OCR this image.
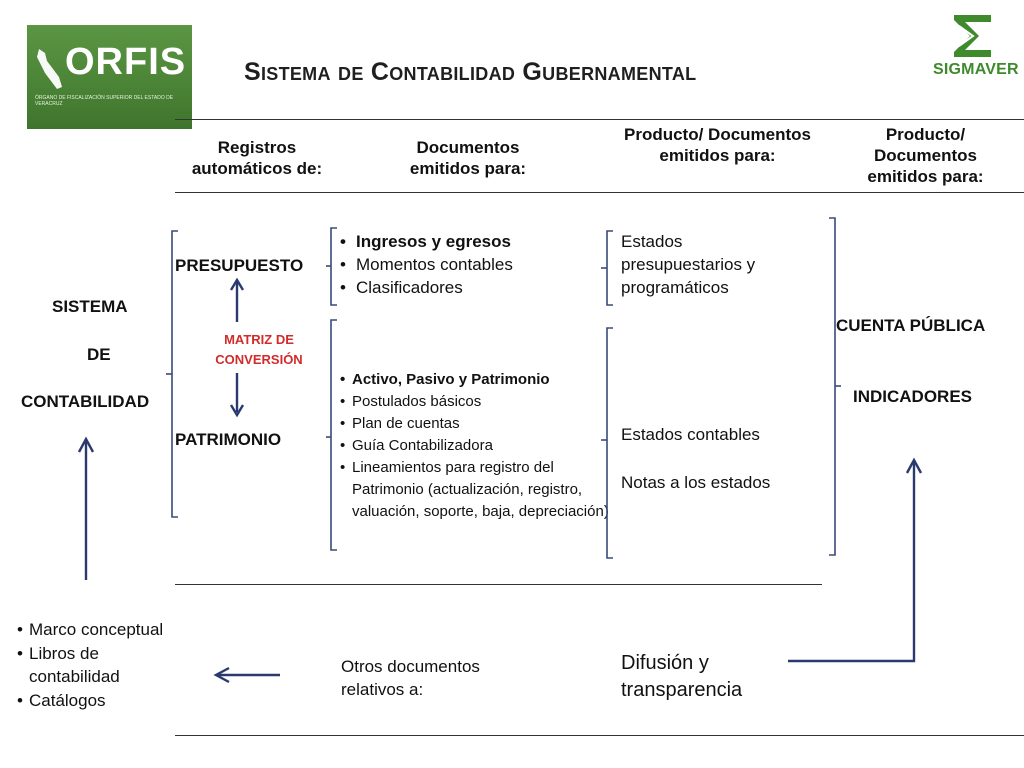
ORFIS
ÓRGANO DE FISCALIZACIÓN SUPERIOR DEL ESTADO DE VERACRUZ
Sistema de Contabilidad Gubernamental	SIGMAVER
Registros automáticos de:
Documentos emitidos para:
Producto/ Documentos emitidos para:
Producto/ Documentos emitidos para:
SISTEMA
DE
CONTABILIDAD
PRESUPUESTO
MATRIZ DE
CONVERSIÓN
PATRIMONIO
• Ingresos y egresos
• Momentos contables
• Clasificadores
• Activo, Pasivo y Patrimonio
• Postulados básicos
• Plan de cuentas
• Guía Contabilizadora
• Lineamientos para registro del Patrimonio (actualización, registro, valuación, soporte, baja, depreciación)
Estados presupuestarios y programáticos
Estados contables
Notas a los estados
CUENTA PÚBLICA
INDICADORES
• Marco conceptual
• Libros de contabilidad
• Catálogos
Otros documentos relativos a:
Difusión y transparencia
